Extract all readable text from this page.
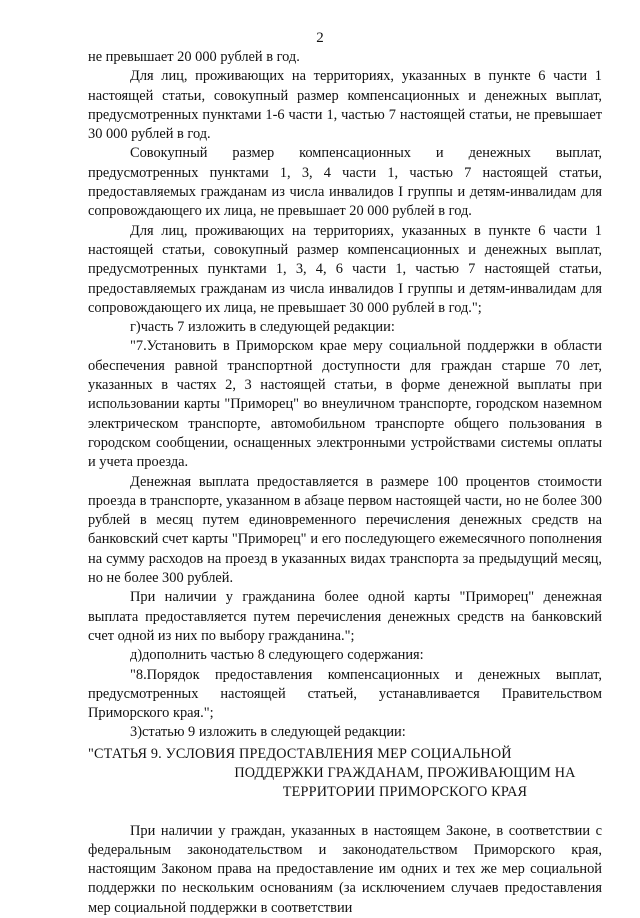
2

не превышает 20 000 рублей в год.

Для лиц, проживающих на территориях, указанных в пункте 6 части 1 настоящей статьи, совокупный размер компенсационных и денежных выплат, предусмотренных пунктами 1-6 части 1, частью 7 настоящей статьи, не превышает 30 000 рублей в год.

Совокупный размер компенсационных и денежных выплат, предусмотренных пунктами 1, 3, 4 части 1, частью 7 настоящей статьи, предоставляемых гражданам из числа инвалидов I группы и детям-инвалидам для сопровождающего их лица, не превышает 20 000 рублей в год.

Для лиц, проживающих на территориях, указанных в пункте 6 части 1 настоящей статьи, совокупный размер компенсационных и денежных выплат, предусмотренных пунктами 1, 3, 4, 6 части 1, частью 7 настоящей статьи, предоставляемых гражданам из числа инвалидов I группы и детям-инвалидам для сопровождающего их лица, не превышает 30 000 рублей в год.";

г)часть 7 изложить в следующей редакции:

"7.Установить в Приморском крае меру социальной поддержки в области обеспечения равной транспортной доступности для граждан старше 70 лет, указанных в частях 2, 3 настоящей статьи, в форме денежной выплаты при использовании карты "Приморец" во внеуличном транспорте, городском наземном электрическом транспорте, автомобильном транспорте общего пользования в городском сообщении, оснащенных электронными устройствами системы оплаты и учета проезда.

Денежная выплата предоставляется в размере 100 процентов стоимости проезда в транспорте, указанном в абзаце первом настоящей части, но не более 300 рублей в месяц путем единовременного перечисления денежных средств на банковский счет карты "Приморец" и его последующего ежемесячного пополнения на сумму расходов на проезд в указанных видах транспорта за предыдущий месяц, но не более 300 рублей.

При наличии у гражданина более одной карты "Приморец" денежная выплата предоставляется путем перечисления денежных средств на банковский счет одной из них по выбору гражданина.";

д)дополнить частью 8 следующего содержания:

"8.Порядок предоставления компенсационных и денежных выплат, предусмотренных настоящей статьей, устанавливается Правительством Приморского края.";

3)статью 9 изложить в следующей редакции:

"СТАТЬЯ 9. УСЛОВИЯ ПРЕДОСТАВЛЕНИЯ МЕР СОЦИАЛЬНОЙ
ПОДДЕРЖКИ ГРАЖДАНАМ, ПРОЖИВАЮЩИМ НА ТЕРРИТОРИИ ПРИМОРСКОГО КРАЯ

При наличии у граждан, указанных в настоящем Законе, в соответствии с федеральным законодательством и законодательством Приморского края, настоящим Законом права на предоставление им одних и тех же мер социальной поддержки по нескольким основаниям (за исключением случаев предоставления мер социальной поддержки в соответствии
